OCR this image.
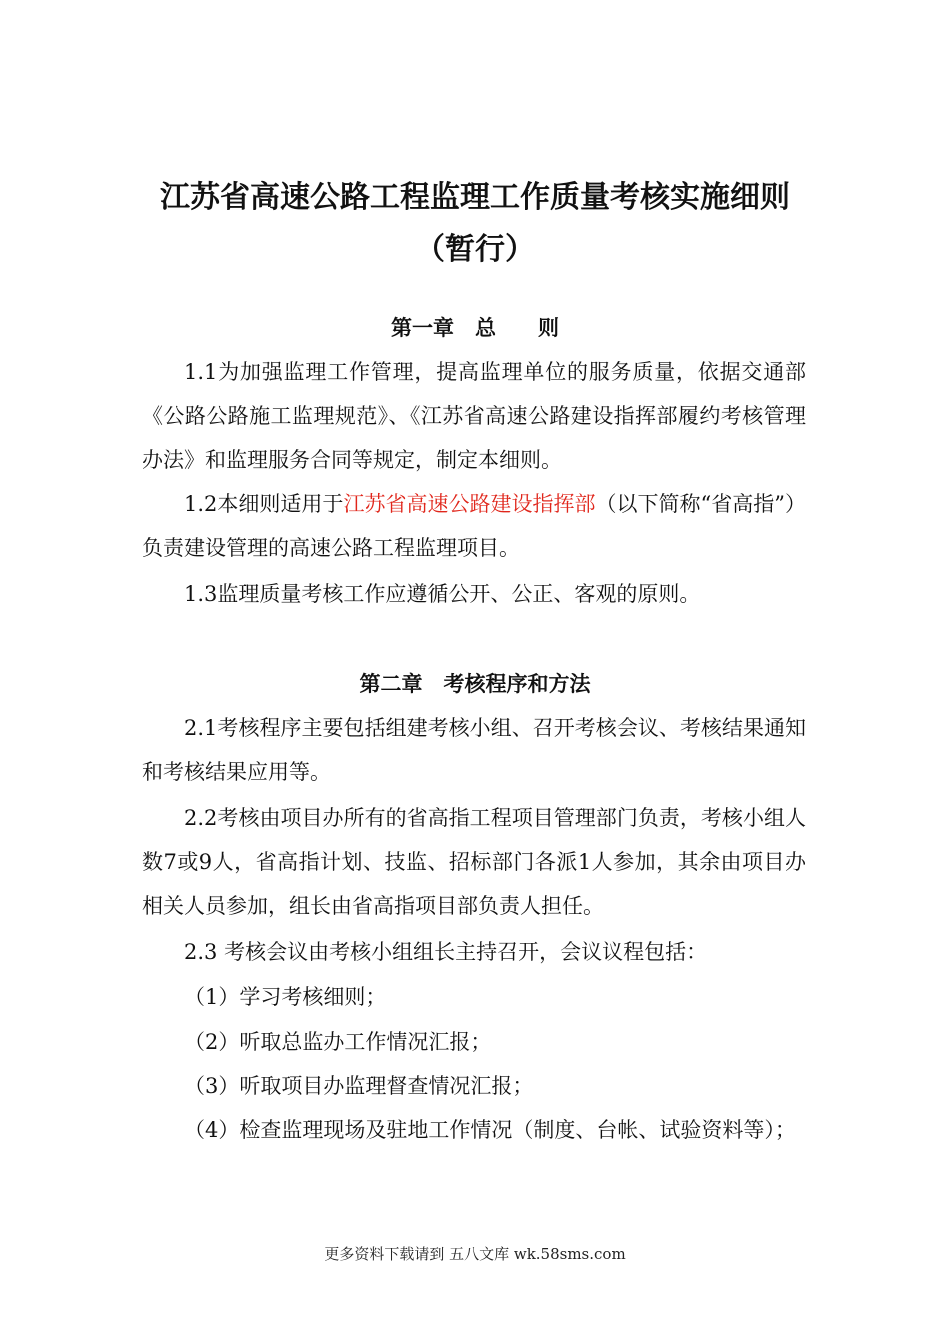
江苏省高速公路工程监理工作质量考核实施细则（暂行）
第一章　总　　则
1.1为加强监理工作管理，提高监理单位的服务质量，依据交通部《公路公路施工监理规范》、《江苏省高速公路建设指挥部履约考核管理办法》和监理服务合同等规定，制定本细则。
1.2本细则适用于江苏省高速公路建设指挥部（以下简称“省高指”）负责建设管理的高速公路工程监理项目。
1.3监理质量考核工作应遵循公开、公正、客观的原则。
第二章　考核程序和方法
2.1考核程序主要包括组建考核小组、召开考核会议、考核结果通知和考核结果应用等。
2.2考核由项目办所有的省高指工程项目管理部门负责，考核小组人数7或9人，省高指计划、技监、招标部门各派1人参加，其余由项目办相关人员参加，组长由省高指项目部负责人担任。
2.3 考核会议由考核小组组长主持召开，会议议程包括：
（1）学习考核细则；
（2）听取总监办工作情况汇报；
（3）听取项目办监理督查情况汇报；
（4）检查监理现场及驻地工作情况（制度、台帐、试验资料等）；
更多资料下载请到 五八文库 wk.58sms.com
